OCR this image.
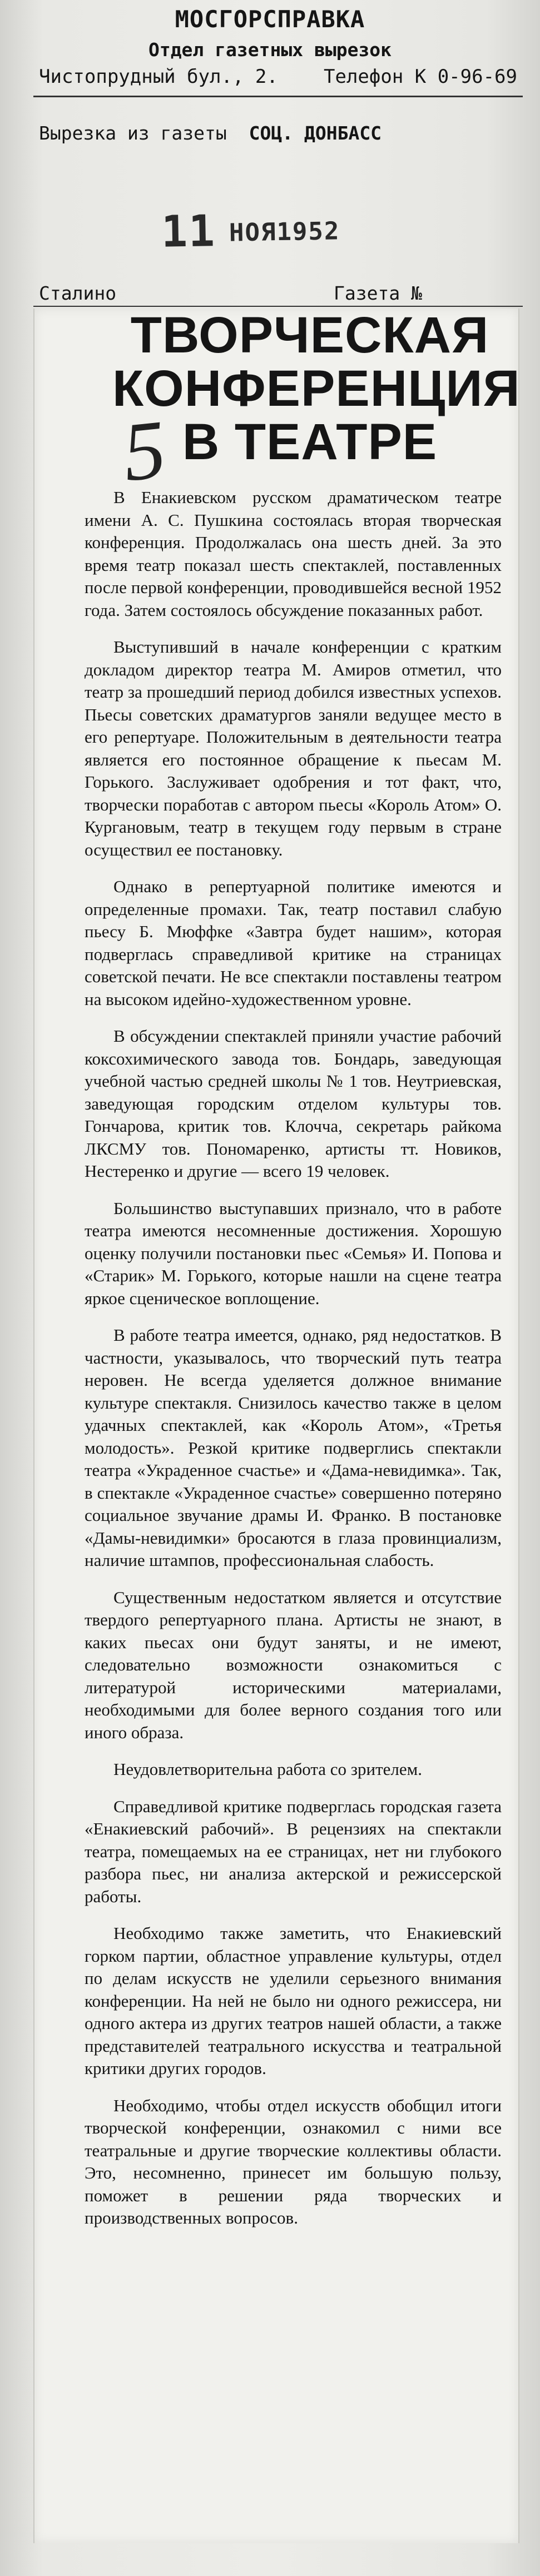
МОСГОРСПРАВКА
Отдел газетных вырезок
Чистопрудный бул., 2. Телефон К 0-96-69
Вырезка из газеты СОЦ. ДОНБАСС
11 НОЯ1952
Сталино	Газета №
ТВОРЧЕСКАЯ КОНФЕРЕНЦИЯ В ТЕАТРЕ
5

В Енакиевском русском драматическом театре имени А. С. Пушкина состоялась вторая творческая конференция. Продолжалась она шесть дней. За это время театр показал шесть спектаклей, поставленных после первой конференции, проводившейся весной 1952 года. Затем состоялось обсуждение показанных работ.

Выступивший в начале конференции с кратким докладом директор театра М. Амиров отметил, что театр за прошедший период добился известных успехов. Пьесы советских драматургов заняли ведущее место в его репертуаре. Положительным в деятельности театра является его постоянное обращение к пьесам М. Горького. Заслуживает одобрения и тот факт, что, творчески поработав с автором пьесы «Король Атом» О. Кургановым, театр в текущем году первым в стране осуществил ее постановку.

Однако в репертуарной политике имеются и определенные промахи. Так, театр поставил слабую пьесу Б. Мюффке «Завтра будет нашим», которая подверглась справедливой критике на страницах советской печати. Не все спектакли поставлены театром на высоком идейно-художественном уровне.

В обсуждении спектаклей приняли участие рабочий коксохимического завода тов. Бондарь, заведующая учебной частью средней школы № 1 тов. Неутриевская, заведующая городским отделом культуры тов. Гончарова, критик тов. Клочча, секретарь райкома ЛКСМУ тов. Пономаренко, артисты тт. Новиков, Нестеренко и другие — всего 19 человек.

Большинство выступавших признало, что в работе театра имеются несомненные достижения. Хорошую оценку получили постановки пьес «Семья» И. Попова и «Старик» М. Горького, которые нашли на сцене театра яркое сценическое воплощение.

В работе театра имеется, однако, ряд недостатков. В частности, указывалось, что творческий путь театра неровен. Не всегда уделяется должное внимание культуре спектакля. Снизилось качество также в целом удачных спектаклей, как «Король Атом», «Третья молодость». Резкой критике подверглись спектакли театра «Украденное счастье» и «Дама-невидимка». Так, в спектакле «Украденное счастье» совершенно потеряно социальное звучание драмы И. Франко. В постановке «Дамы-невидимки» бросаются в глаза провинциализм, наличие штампов, профессиональная слабость.

Существенным недостатком является и отсутствие твердого репертуарного плана. Артисты не знают, в каких пьесах они будут заняты, и не имеют, следовательно возможности ознакомиться с литературой историческими материалами, необходимыми для более верного создания того или иного образа.

Неудовлетворительна работа со зрителем.

Справедливой критике подверглась городская газета «Енакиевский рабочий». В рецензиях на спектакли театра, помещаемых на ее страницах, нет ни глубокого разбора пьес, ни анализа актерской и режиссерской работы.

Необходимо также заметить, что Енакиевский горком партии, областное управление культуры, отдел по делам искусств не уделили серьезного внимания конференции. На ней не было ни одного режиссера, ни одного актера из других театров нашей области, а также представителей театрального искусства и театральной критики других городов.

Необходимо, чтобы отдел искусств обобщил итоги творческой конференции, ознакомил с ними все театральные и другие творческие коллективы области. Это, несомненно, принесет им большую пользу, поможет в решении ряда творческих и производственных вопросов.
